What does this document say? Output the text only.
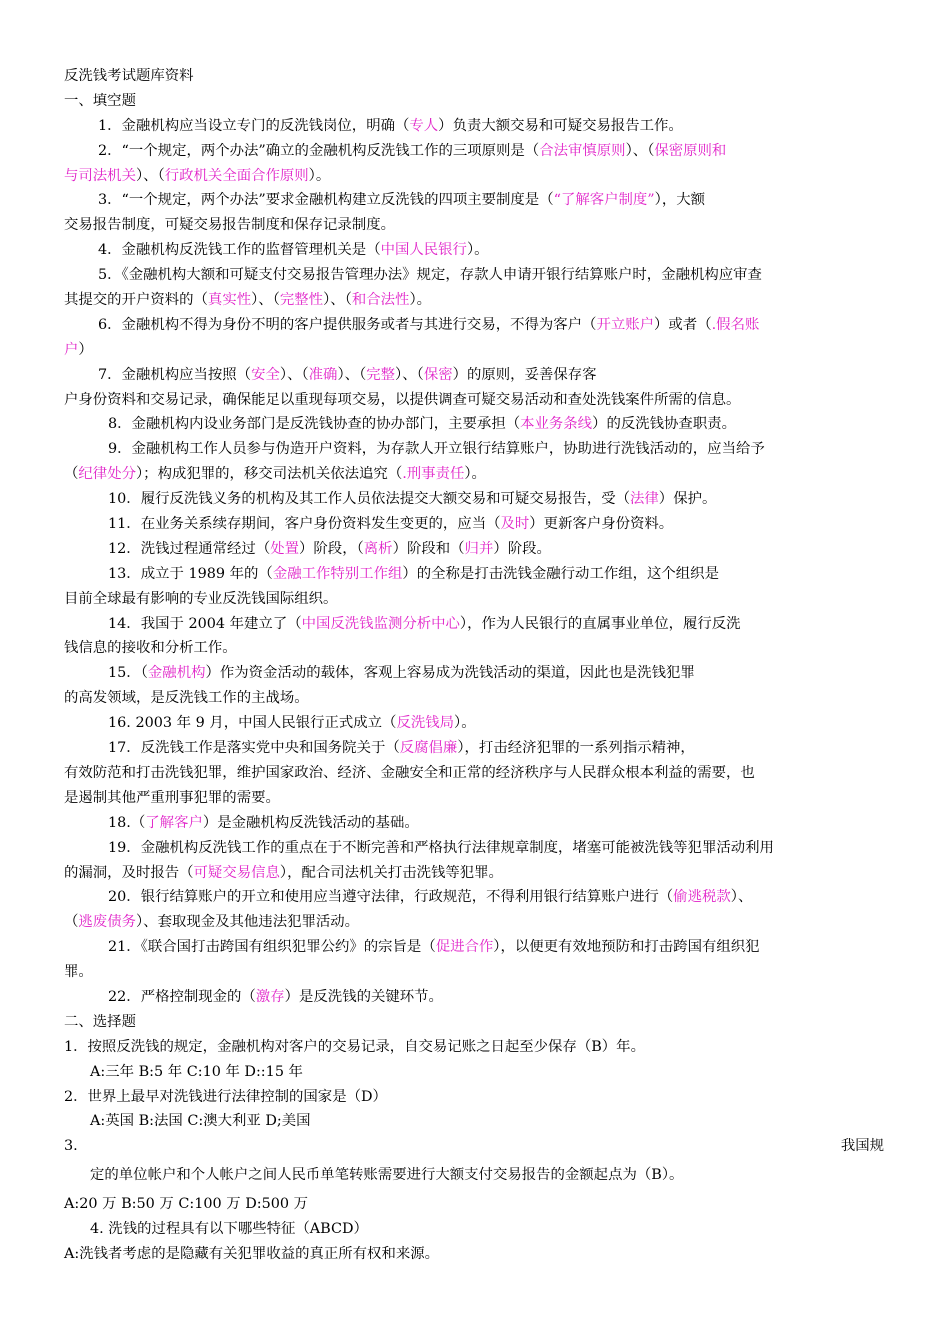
反洗钱考试题库资料
一、填空题
1．金融机构应当设立专门的反洗钱岗位，明确（专人）负责大额交易和可疑交易报告工作。
2．“一个规定，两个办法”确立的金融机构反洗钱工作的三项原则是（合法审慎原则）、（保密原则和
与司法机关）、（行政机关全面合作原则）。
3．“一个规定，两个办法”要求金融机构建立反洗钱的四项主要制度是（“了解客户制度”），大额
交易报告制度，可疑交易报告制度和保存记录制度。
4．金融机构反洗钱工作的监督管理机关是（中国人民银行）。
5．《金融机构大额和可疑支付交易报告管理办法》规定，存款人申请开银行结算账户时，金融机构应审查
其提交的开户资料的（真实性）、（完整性）、（和合法性）。
6．金融机构不得为身份不明的客户提供服务或者与其进行交易，不得为客户（开立账户）或者（.假名账
户）
7．金融机构应当按照（安全）、（准确）、（完整）、（保密）的原则，妥善保存客
户身份资料和交易记录，确保能足以重现每项交易，以提供调查可疑交易活动和查处洗钱案件所需的信息。
8．金融机构内设业务部门是反洗钱协查的协办部门，主要承担（本业务条线）的反洗钱协查职责。
9．金融机构工作人员参与伪造开户资料，为存款人开立银行结算账户，协助进行洗钱活动的，应当给予
（纪律处分）；构成犯罪的，移交司法机关依法追究（.刑事责任）。
10．履行反洗钱义务的机构及其工作人员依法提交大额交易和可疑交易报告，受（法律）保护。
11．在业务关系续存期间，客户身份资料发生变更的，应当（及时）更新客户身份资料。
12．洗钱过程通常经过（处置）阶段，（离析）阶段和（归并）阶段。
13．成立于 1989 年的（金融工作特别工作组）的全称是打击洗钱金融行动工作组，这个组织是
目前全球最有影响的专业反洗钱国际组织。
14．我国于 2004 年建立了（中国反洗钱监测分析中心），作为人民银行的直属事业单位，履行反洗
钱信息的接收和分析工作。
15．（金融机构）作为资金活动的载体，客观上容易成为洗钱活动的渠道，因此也是洗钱犯罪
的高发领域，是反洗钱工作的主战场。
16. 2003 年 9 月，中国人民银行正式成立（反洗钱局）。
17．反洗钱工作是落实党中央和国务院关于（反腐倡廉），打击经济犯罪的一系列指示精神，
有效防范和打击洗钱犯罪，维护国家政治、经济、金融安全和正常的经济秩序与人民群众根本利益的需要，也
是遏制其他严重刑事犯罪的需要。
18.（了解客户）是金融机构反洗钱活动的基础。
19．金融机构反洗钱工作的重点在于不断完善和严格执行法律规章制度，堵塞可能被洗钱等犯罪活动利用
的漏洞，及时报告（可疑交易信息），配合司法机关打击洗钱等犯罪。
20．银行结算账户的开立和使用应当遵守法律，行政规范，不得利用银行结算账户进行（偷逃税款）、
（逃废债务）、套取现金及其他违法犯罪活动。
21．《联合国打击跨国有组织犯罪公约》的宗旨是（促进合作），以便更有效地预防和打击跨国有组织犯
罪。
22．严格控制现金的（激存）是反洗钱的关键环节。
二、选择题
1．按照反洗钱的规定，金融机构对客户的交易记录，自交易记账之日起至少保存（B）年。
A:三年 B:5 年 C:10 年 D::15 年
2．世界上最早对洗钱进行法律控制的国家是（D）
A:英国 B:法国 C:澳大利亚 D;美国
3.	我国规
定的单位帐户和个人帐户之间人民币单笔转账需要进行大额支付交易报告的金额起点为（B）。
A:20 万 B:50 万 C:100 万 D:500 万
4. 洗钱的过程具有以下哪些特征（ABCD）
A:洗钱者考虑的是隐藏有关犯罪收益的真正所有权和来源。
